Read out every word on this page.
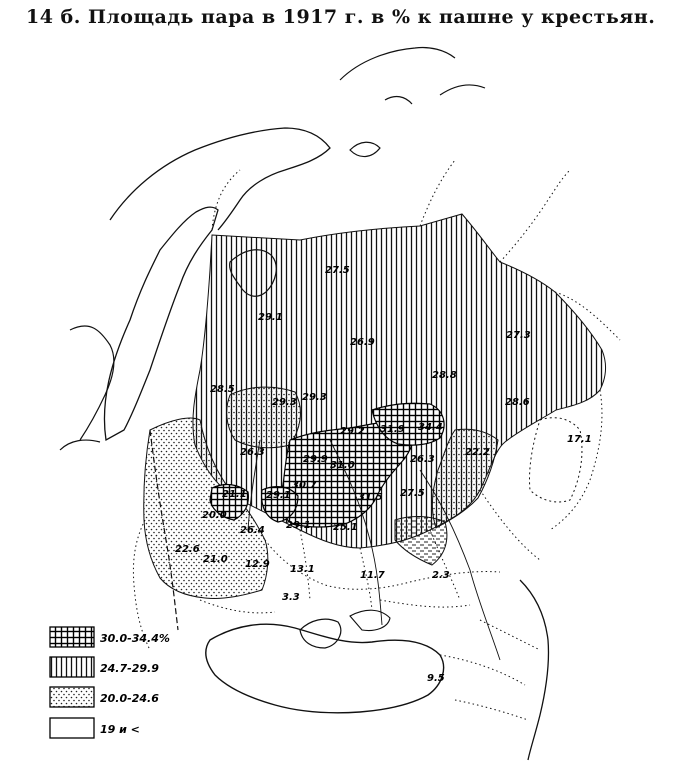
14 б. Площадь пара в 1917 г. в % к пашне у крестьян.
27.5
29.1
26.9
27.3
28.8
28.6
17.1
28.5
29.3 29.3
29.2 31.9 34.4
26.3
29.9
31.0
26.3
22.2
21.1 29.1
30.7
27.5
31.5
20.0
29.1 25.1
26.4
22.6
21.0 12.9 13.1
11.7	2.3
3.3
9.5
30.0-34.4%
24.7-29.9
20.0-24.6
19 и <
